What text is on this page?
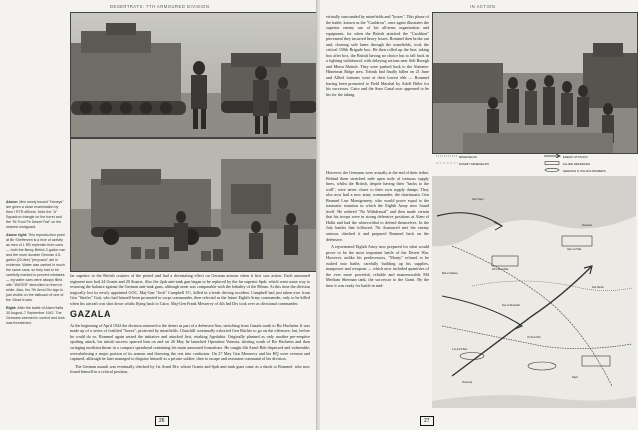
DESERTRATS: 7TH ARMOURED DIVISION

Above: Men newly issued "Honeys" are given a close examination by their I RTR officers. Note the "A" Squadron triangle on the turret and the "Bi Trool Ftr Desert Rat" on the nearest mudguard.

Above right: This reproduction point at Bir Shefferzen is a hive of activity as men of 1 RB replenish from cans — both the flimsy British 2-gallon can and the more durable German 4.5-gallon (20-litre) "jerrycans" are in evidence. Water was carried in much the same cans, so they had to be carefully marked to prevent mistakes — eg water cans were always filled with "WATER" stencilled on them in white. Also, the 7th Armd Div sign is just visible on the tailboard of one of the 15cwt trucks.

Right: After the battle of Alam Halfa 30 August–7 September 1942. The Germans seemed in control and Axis was threatened.

far superior to the British cruisers of the period and had a devastating effect on German armour when it first saw action. Each armoured regiment now had 24 Grants and 20 Stuarts. Also the 2pdr anti-tank gun began to be replaced by the far superior 6pdr, which went some way to restoring the balance against the German anti-tank guns, although none was comparable with the lethality of the 88mm. At this time the division tragically lost its newly appointed GOC, Maj-Gen "Jock" Campbell VC, killed in a freak driving accident. Campbell had just taken over from Gen "Strafer" Gott, who had himself been promoted to corps commander, then selected as the future Eighth Army commander, only to be killed when his aircraft was shot down whilst flying back to Cairo. Maj-Gen Frank Messervy of 4th Ind Div took over as divisional commander.

GAZALA

At the beginning of April 1942 the division returned to the desert as part of a defensive line, stretching from Gazala south to Bir Hacheim. It was made up of a series of fortified "boxes", protected by minefields. Churchill continually exhorted Gen Ritchie to go on the offensive, but, before he could do so, Rommel again seized the initiative and attacked first, retaking Agedabia. Originally planned as only another pre-emptive spoiling attack, his initial success spurred him on and on 26 May he launched Operation Venezia, skirting south of Bir Hacheim and then swinging north/northeast in a compact spearhead containing his main armoured formations. He caught 4th Armd Bde dispersed and vulnerable, overwhelming a major portion of its armour and throwing the rest into confusion. On 27 May Gen Messervy and his HQ were overrun and captured, although he later managed to disguise himself as a private soldier, then to escape and reassume command of his division.

The German assault was eventually checked by 1st Armd Div, whose Grants and 6pdr anti-tank guns came as a shock to Rommel, who now found himself in a critical position,

26
IN ACTION

virtually surrounded by minefields and "boxes". This phase of the battle, known as the "Cauldron", once again illustrates the superior enemy use of his all-arms organisation and equipment, for when the British attacked the "Cauldron" piecemeal they incurred heavy losses. Rommel then broke out and, clearing safe lanes through the minefields, took the critical 150th Brigade box. He then rolled up the line, taking box after box, the British having no choice but to fall back in a fighting withdrawal, with delaying actions near Sidi Rezegh and Mersa Matruh. They were pushed back to the Alamein-Himeimat Ridge area. Tobruk had finally fallen on 21 June and Allied fortunes were at their lowest ebb — Rommel having been promoted to Field Marshal by Adolf Hitler for his successes. Cairo and the Suez Canal now appeared to be his for the taking.

However, the Germans were actually at the end of their tether. Behind them stretched mile upon mile of tortuous supply lines, whilst the British, despite having their "backs to the wall", were never closer to their own supply dumps. They also now had a new army commander, the charismatic Gen Bernard Law Montgomery, who would prove equal to the traumatic situation in which the Eighth Army now found itself. He ordered "No Withdrawal" and then made certain that his troops were in strong defensive positions at Alam el Halfa and had the wherewithal to defend themselves. In the July battles that followed, 7th Armoured met the enemy armour, checked it and prepared Rommel back on the defensive.

A rejuvenated Eighth Army now prepared for what would prove to be the most important battle of the Desert War. However, unlike his predecessors, "Monty" refused to be rushed into battle, carefully building up his supplies, manpower and weapons — which now included quantities of the ever more powerful, reliable and manoeuvrable M4 Medium Sherman tank, the successor to the Grant. By the time it was ready for battle in mid-

MINEFIELDS
DUMMY MINEFIELDS
ENEMY ATTACKS
ALLIED DEFENCES
GERMAN & ITALIAN PANZERS
Alam Nayil
Alam el Halfa
Ruweisat
Bab el Qattara
Deir el Munassib
Himeimat
Ragil
7th Armd Div
22nd Armd Bde
Deir Alinda
4 Lt Armd Bde
27
